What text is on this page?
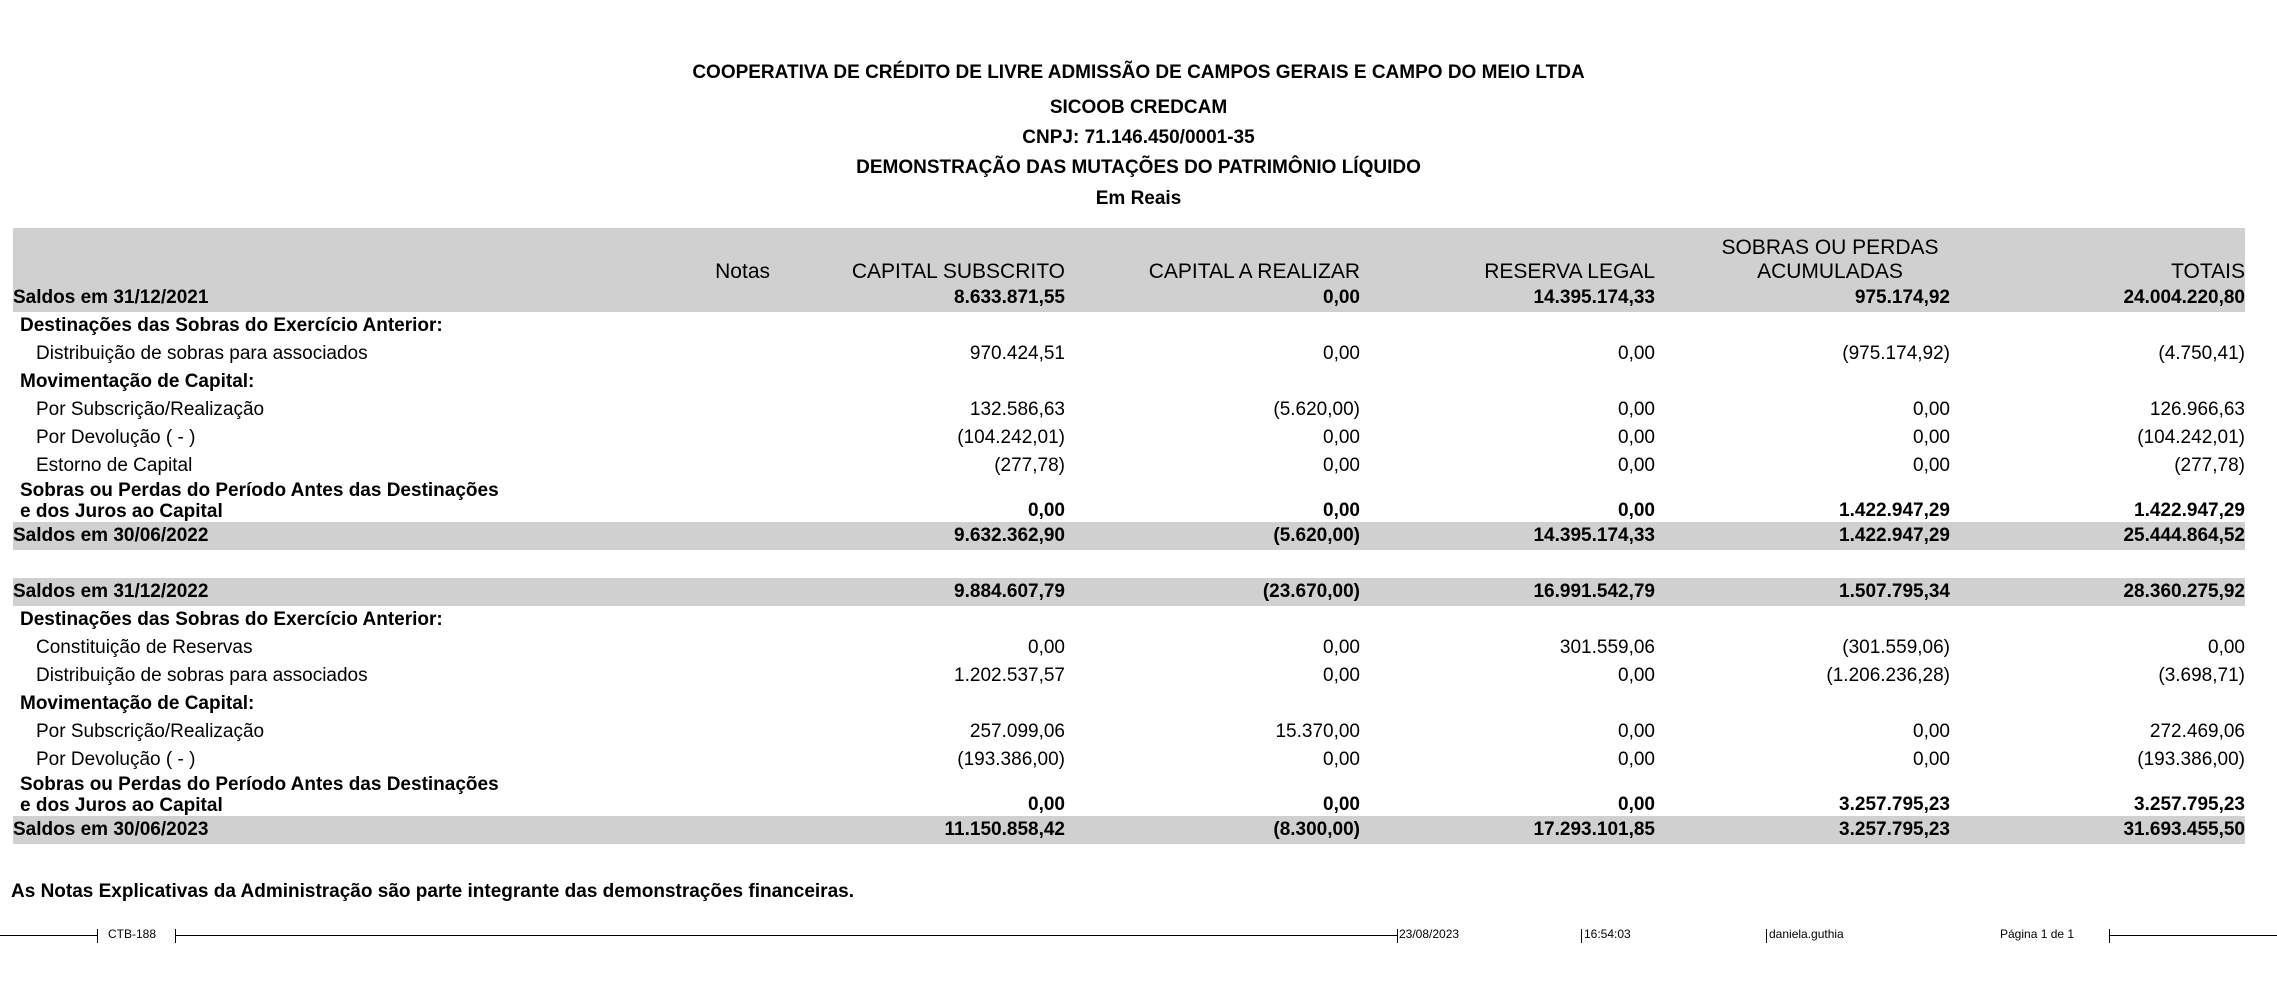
COOPERATIVA DE CRÉDITO DE LIVRE ADMISSÃO DE CAMPOS GERAIS E CAMPO DO MEIO LTDA
SICOOB CREDCAM
CNPJ: 71.146.450/0001-35
DEMONSTRAÇÃO DAS MUTAÇÕES DO PATRIMÔNIO LÍQUIDO
Em Reais
	Notas	CAPITAL SUBSCRITO	CAPITAL A REALIZAR	RESERVA LEGAL	SOBRAS OU PERDAS ACUMULADAS	TOTAIS
Saldos em 31/12/2021		8.633.871,55	0,00	14.395.174,33	975.174,92	24.004.220,80
Destinações das Sobras do Exercício Anterior:						
Distribuição de sobras para associados		970.424,51	0,00	0,00	(975.174,92)	(4.750,41)
Movimentação de Capital:						
Por Subscrição/Realização		132.586,63	(5.620,00)	0,00	0,00	126.966,63
Por Devolução ( - )		(104.242,01)	0,00	0,00	0,00	(104.242,01)
Estorno de Capital		(277,78)	0,00	0,00	0,00	(277,78)
Sobras ou Perdas do Período Antes das Destinações e dos Juros ao Capital		0,00	0,00	0,00	1.422.947,29	1.422.947,29
Saldos em 30/06/2022		9.632.362,90	(5.620,00)	14.395.174,33	1.422.947,29	25.444.864,52

Saldos em 31/12/2022		9.884.607,79	(23.670,00)	16.991.542,79	1.507.795,34	28.360.275,92
Destinações das Sobras do Exercício Anterior:						
Constituição de Reservas		0,00	0,00	301.559,06	(301.559,06)	0,00
Distribuição de sobras para associados		1.202.537,57	0,00	0,00	(1.206.236,28)	(3.698,71)
Movimentação de Capital:						
Por Subscrição/Realização		257.099,06	15.370,00	0,00	0,00	272.469,06
Por Devolução ( - )		(193.386,00)	0,00	0,00	0,00	(193.386,00)
Sobras ou Perdas do Período Antes das Destinações e dos Juros ao Capital		0,00	0,00	0,00	3.257.795,23	3.257.795,23
Saldos em 30/06/2023		11.150.858,42	(8.300,00)	17.293.101,85	3.257.795,23	31.693.455,50
As Notas Explicativas da Administração são parte integrante das demonstrações financeiras.
CTB-188	23/08/2023	16:54:03	daniela.guthia	Página 1 de 1
